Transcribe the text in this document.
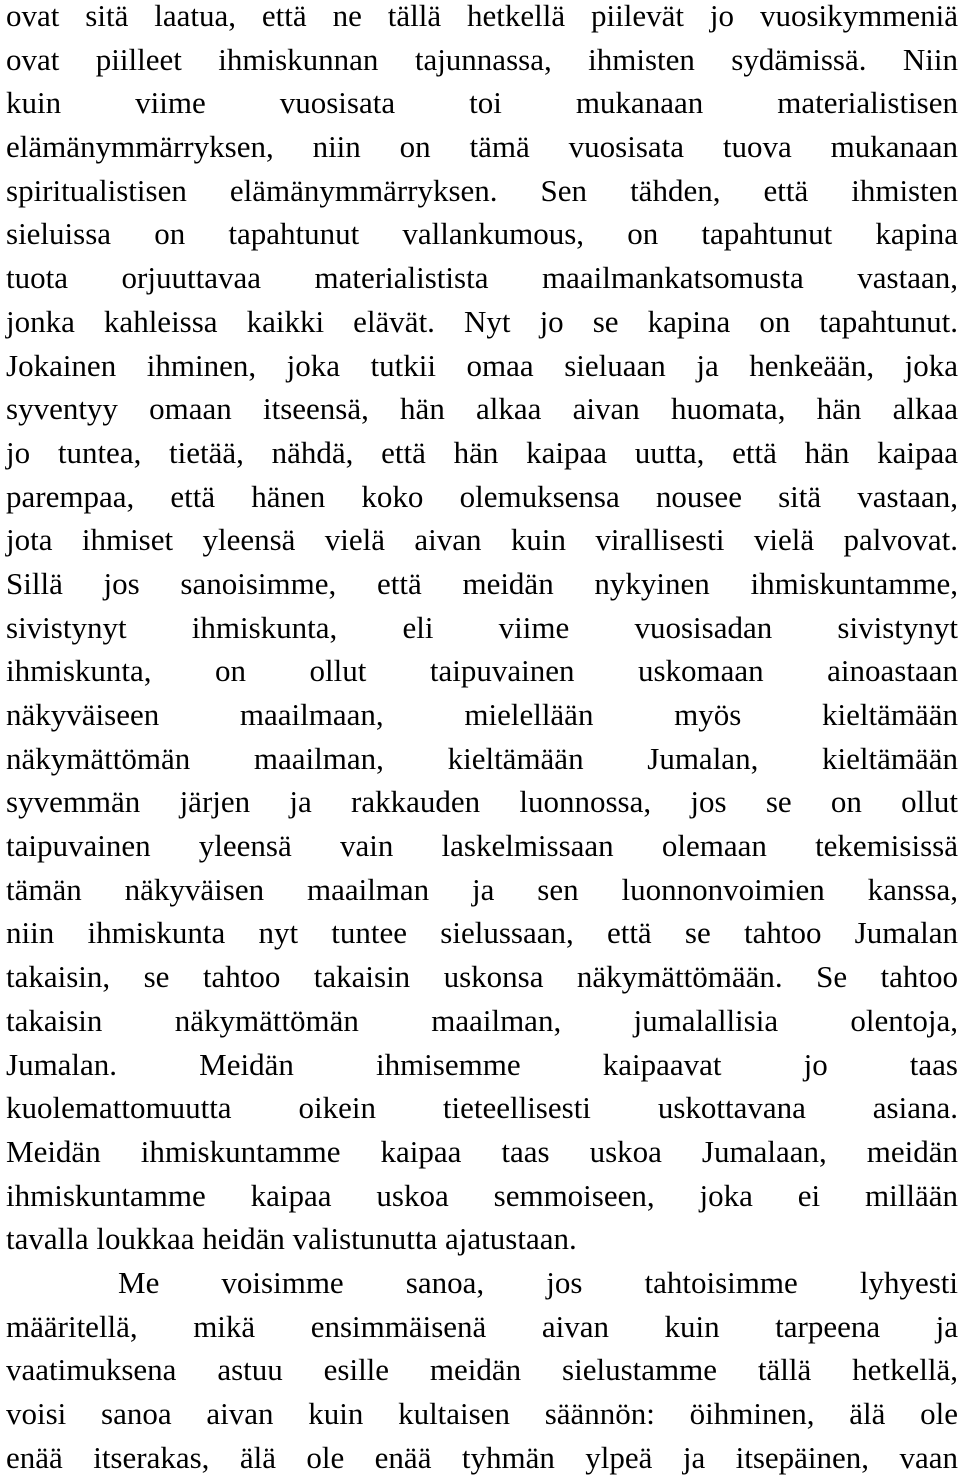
ovat sitä laatua, että ne tällä hetkellä piilevät jo vuosikymmeniä
ovat piilleet ihmiskunnan tajunnassa, ihmisten sydämissä. Niin
kuin viime vuosisata toi mukanaan materialistisen
elämänymmärryksen, niin on tämä vuosisata tuova mukanaan
spiritualistisen elämänymmärryksen. Sen tähden, että ihmisten
sieluissa on tapahtunut vallankumous, on tapahtunut kapina
tuota orjuuttavaa materialistista maailmankatsomusta vastaan,
jonka kahleissa kaikki elävät. Nyt jo se kapina on tapahtunut.
Jokainen ihminen, joka tutkii omaa sieluaan ja henkeään, joka
syventyy omaan itseensä, hän alkaa aivan huomata, hän alkaa
jo tuntea, tietää, nähdä, että hän kaipaa uutta, että hän kaipaa
parempaa, että hänen koko olemuksensa nousee sitä vastaan,
jota ihmiset yleensä vielä aivan kuin virallisesti vielä palvovat.
Sillä jos sanoisimme, että meidän nykyinen ihmiskuntamme,
sivistynyt ihmiskunta, eli viime vuosisadan sivistynyt
ihmiskunta, on ollut taipuvainen uskomaan ainoastaan
näkyväiseen maailmaan, mielellään myös kieltämään
näkymättömän maailman, kieltämään Jumalan, kieltämään
syvemmän järjen ja rakkauden luonnossa, jos se on ollut
taipuvainen yleensä vain laskelmissaan olemaan tekemisissä
tämän näkyväisen maailman ja sen luonnonvoimien kanssa,
niin ihmiskunta nyt tuntee sielussaan, että se tahtoo Jumalan
takaisin, se tahtoo takaisin uskonsa näkymättömään. Se tahtoo
takaisin näkymättömän maailman, jumalallisia olentoja,
Jumalan. Meidän ihmisemme kaipaavat jo taas
kuolemattomuutta oikein tieteellisesti uskottavana asiana.
Meidän ihmiskuntamme kaipaa taas uskoa Jumalaan, meidän
ihmiskuntamme kaipaa uskoa semmoiseen, joka ei millään
tavalla loukkaa heidän valistunutta ajatustaan.
Me voisimme sanoa, jos tahtoisimme lyhyesti
määritellä, mikä ensimmäisenä aivan kuin tarpeena ja
vaatimuksena astuu esille meidän sielustamme tällä hetkellä,
voisi sanoa aivan kuin kultaisen säännön: öihminen, älä ole
enää itserakas, älä ole enää tyhmän ylpeä ja itsepäinen, vaan
